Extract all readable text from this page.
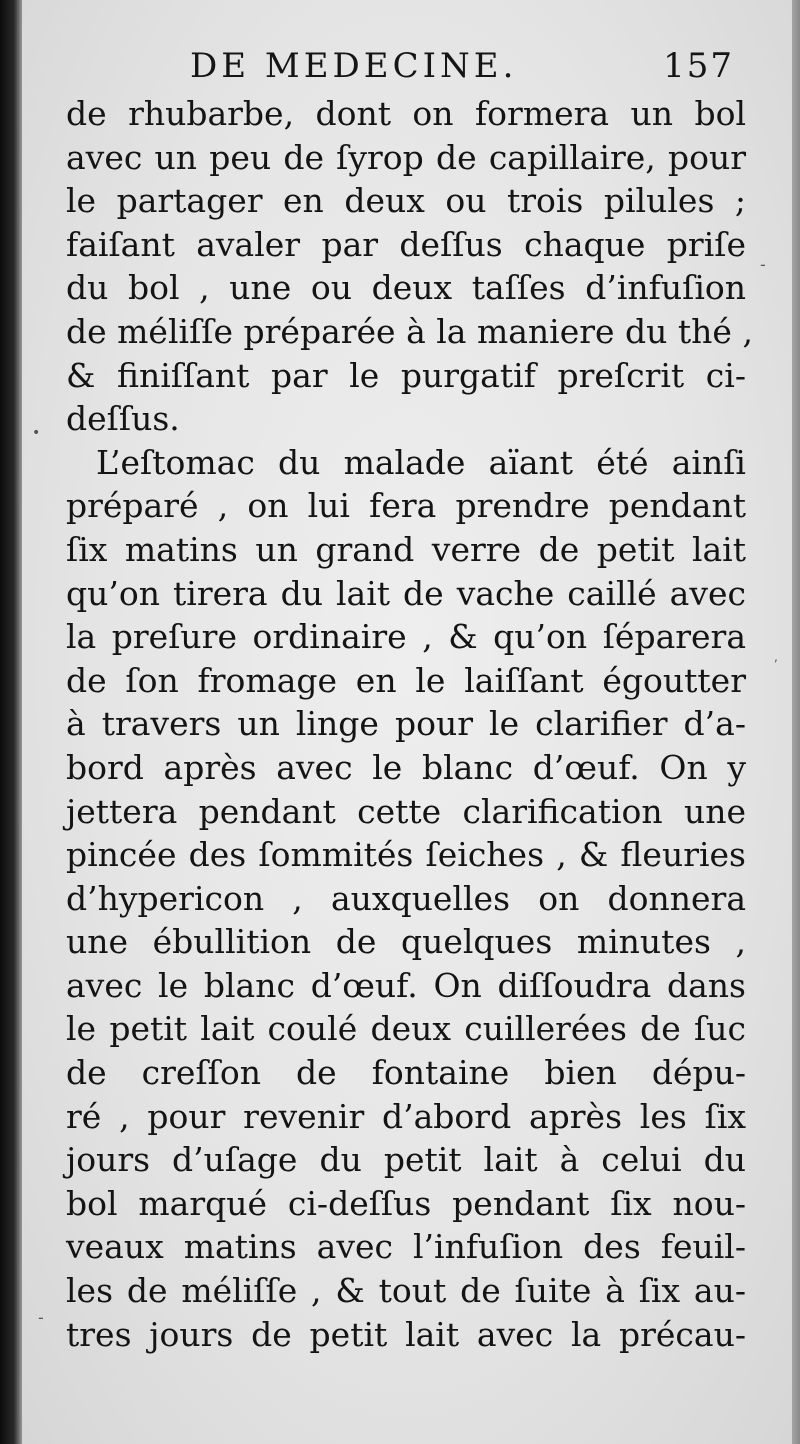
DE MEDECINE.	157
de rhubarbe, dont on formera un bol
avec un peu de ſyrop de capillaire, pour
le partager en deux ou trois pilules ;
faiſant avaler par deſſus chaque priſe
du bol , une ou deux taſſes d’infuſion
de méliſſe préparée à la maniere du thé ,
& finiſſant par le purgatif preſcrit ci-
deſſus.
L’eſtomac du malade aïant été ainſi
préparé , on lui fera prendre pendant
ſix matins un grand verre de petit lait
qu’on tirera du lait de vache caillé avec
la preſure ordinaire , & qu’on ſéparera
de ſon fromage en le laiſſant égoutter
à travers un linge pour le clarifier d’a-
bord après avec le blanc d’œuf. On y
jettera pendant cette clarification une
pincée des ſommités ſeiches , & fleuries
d’hypericon , auxquelles on donnera
une ébullition de quelques minutes ,
avec le blanc d’œuf. On diſſoudra dans
le petit lait coulé deux cuillerées de ſuc
de creſſon de fontaine bien dépu-
ré , pour revenir d’abord après les ſix
jours d’uſage du petit lait à celui du
bol marqué ci-deſſus pendant ſix nou-
veaux matins avec l’infuſion des feuil-
les de méliſſe , & tout de ſuite à ſix au-
tres jours de petit lait avec la précau-
•
-
,
-
